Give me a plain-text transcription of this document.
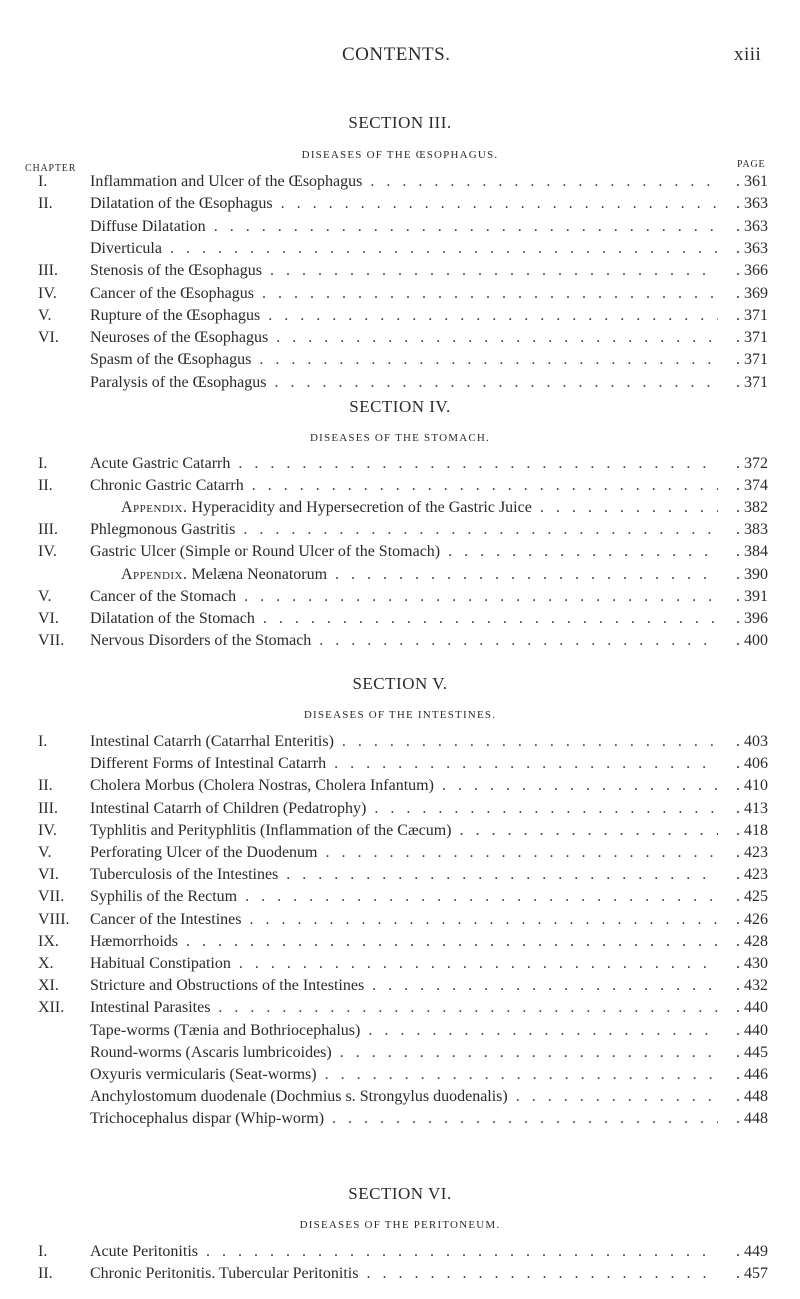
CONTENTS.	xiii
SECTION III.
DISEASES OF THE ŒSOPHAGUS.
CHAPTER	PAGE
I.	Inflammation and Ulcer of the Œsophagus . . .	. 361
II.	Dilatation of the Œsophagus . . .	. 363
Diffuse Dilatation . . .	. 363
Diverticula . . .	. 363
III.	Stenosis of the Œsophagus . . .	. 366
IV.	Cancer of the Œsophagus . . .	. 369
V.	Rupture of the Œsophagus . . .	. 371
VI.	Neuroses of the Œsophagus . . .	. 371
Spasm of the Œsophagus . . .	. 371
Paralysis of the Œsophagus . . .	. 371
SECTION IV.
DISEASES OF THE STOMACH.
I.	Acute Gastric Catarrh . . .	. 372
II.	Chronic Gastric Catarrh . . .	. 374
Appendix. Hyperacidity and Hypersecretion of the Gastric Juice . . .	. 382
III.	Phlegmonous Gastritis . . .	. 383
IV.	Gastric Ulcer (Simple or Round Ulcer of the Stomach) . . .	. 384
Appendix. Melæna Neonatorum . . .	. 390
V.	Cancer of the Stomach . . .	. 391
VI.	Dilatation of the Stomach . . .	. 396
VII.	Nervous Disorders of the Stomach . . .	. 400
SECTION V.
DISEASES OF THE INTESTINES.
I.	Intestinal Catarrh (Catarrhal Enteritis) . . .	. 403
Different Forms of Intestinal Catarrh . . .	. 406
II.	Cholera Morbus (Cholera Nostras, Cholera Infantum) . . .	. 410
III.	Intestinal Catarrh of Children (Pedatrophy) . . .	. 413
IV.	Typhlitis and Perityphlitis (Inflammation of the Cæcum) . . .	. 418
V.	Perforating Ulcer of the Duodenum . . .	. 423
VI.	Tuberculosis of the Intestines . . .	. 423
VII.	Syphilis of the Rectum . . .	. 425
VIII.	Cancer of the Intestines . . .	. 426
IX.	Hæmorrhoids . . .	. 428
X.	Habitual Constipation . . .	. 430
XI.	Stricture and Obstructions of the Intestines . . .	. 432
XII.	Intestinal Parasites . . .	. 440
Tape-worms (Tænia and Bothriocephalus) . . .	. 440
Round-worms (Ascaris lumbricoides) . . .	. 445
Oxyuris vermicularis (Seat-worms) . . .	. 446
Anchylostomum duodenale (Dochmius s. Strongylus duodenalis) . . .	. 448
Trichocephalus dispar (Whip-worm) . . .	. 448
SECTION VI.
DISEASES OF THE PERITONEUM.
I.	Acute Peritonitis . . .	. 449
II.	Chronic Peritonitis. Tubercular Peritonitis . . .	. 457
